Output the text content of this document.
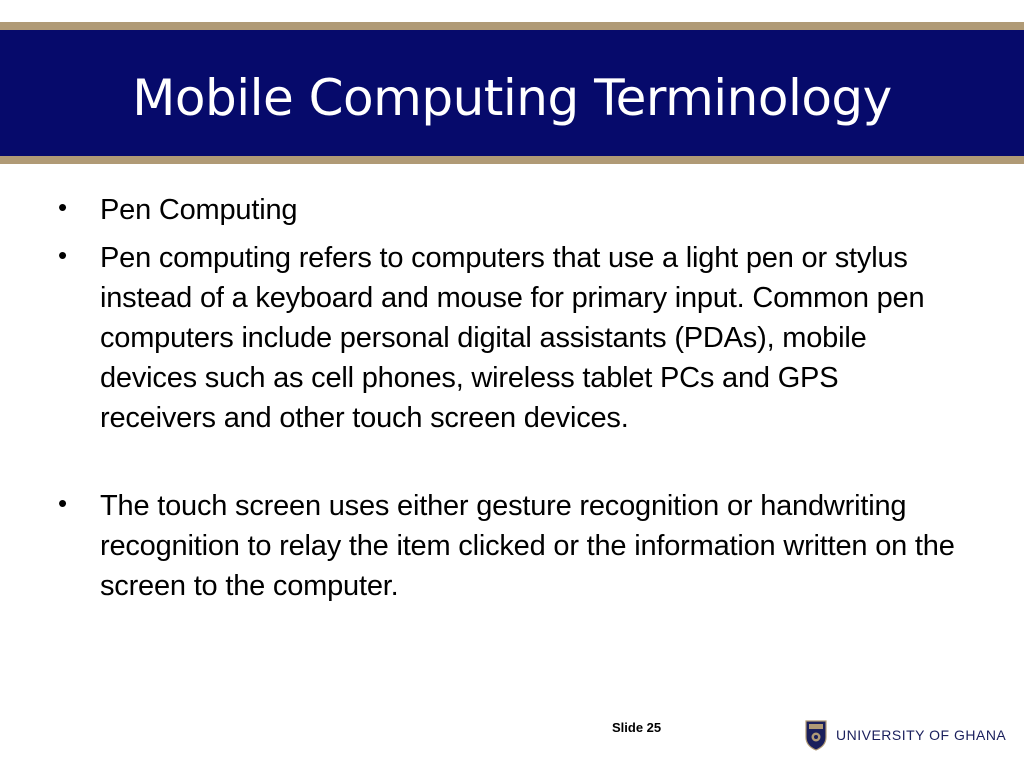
Mobile Computing Terminology
•	Pen Computing
•	Pen computing refers to computers that use a light pen or stylus instead of a keyboard and mouse for primary input. Common pen computers include personal digital assistants (PDAs), mobile devices such as cell phones, wireless tablet PCs and GPS receivers and other touch screen devices.
•	The touch screen uses either gesture recognition or handwriting recognition to relay the item clicked or the information written on the screen to the computer.
Slide 25	UNIVERSITY OF GHANA
